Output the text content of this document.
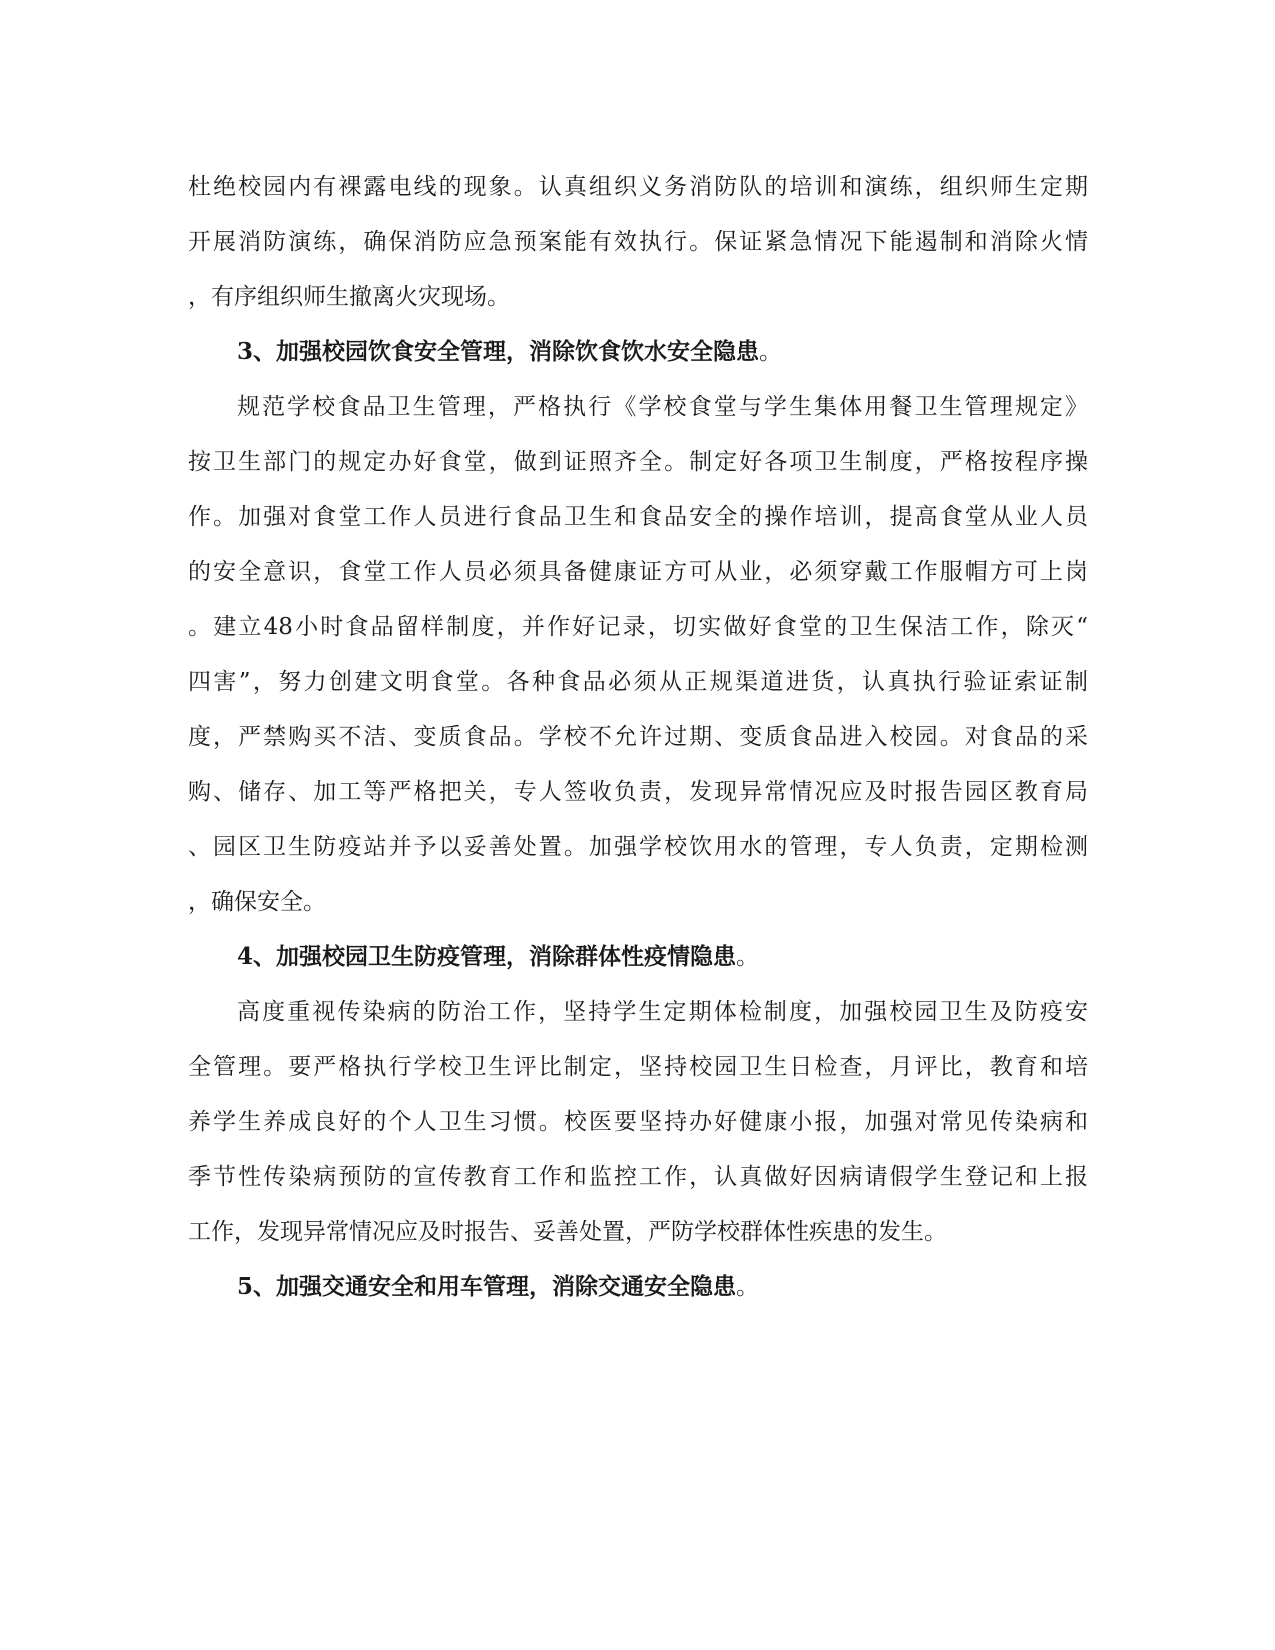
杜绝校园内有裸露电线的现象。认真组织义务消防队的培训和演练，组织师生定期
开展消防演练，确保消防应急预案能有效执行。保证紧急情况下能遏制和消除火情
，有序组织师生撤离火灾现场。
3、加强校园饮食安全管理，消除饮食饮水安全隐患。
规范学校食品卫生管理，严格执行《学校食堂与学生集体用餐卫生管理规定》
按卫生部门的规定办好食堂，做到证照齐全。制定好各项卫生制度，严格按程序操
作。加强对食堂工作人员进行食品卫生和食品安全的操作培训，提高食堂从业人员
的安全意识，食堂工作人员必须具备健康证方可从业，必须穿戴工作服帽方可上岗
。建立48小时食品留样制度，并作好记录，切实做好食堂的卫生保洁工作，除灭“
四害”，努力创建文明食堂。各种食品必须从正规渠道进货，认真执行验证索证制
度，严禁购买不洁、变质食品。学校不允许过期、变质食品进入校园。对食品的采
购、储存、加工等严格把关，专人签收负责，发现异常情况应及时报告园区教育局
、园区卫生防疫站并予以妥善处置。加强学校饮用水的管理，专人负责，定期检测
，确保安全。
4、加强校园卫生防疫管理，消除群体性疫情隐患。
高度重视传染病的防治工作，坚持学生定期体检制度，加强校园卫生及防疫安
全管理。要严格执行学校卫生评比制定，坚持校园卫生日检查，月评比，教育和培
养学生养成良好的个人卫生习惯。校医要坚持办好健康小报，加强对常见传染病和
季节性传染病预防的宣传教育工作和监控工作，认真做好因病请假学生登记和上报
工作，发现异常情况应及时报告、妥善处置，严防学校群体性疾患的发生。
5、加强交通安全和用车管理，消除交通安全隐患。
